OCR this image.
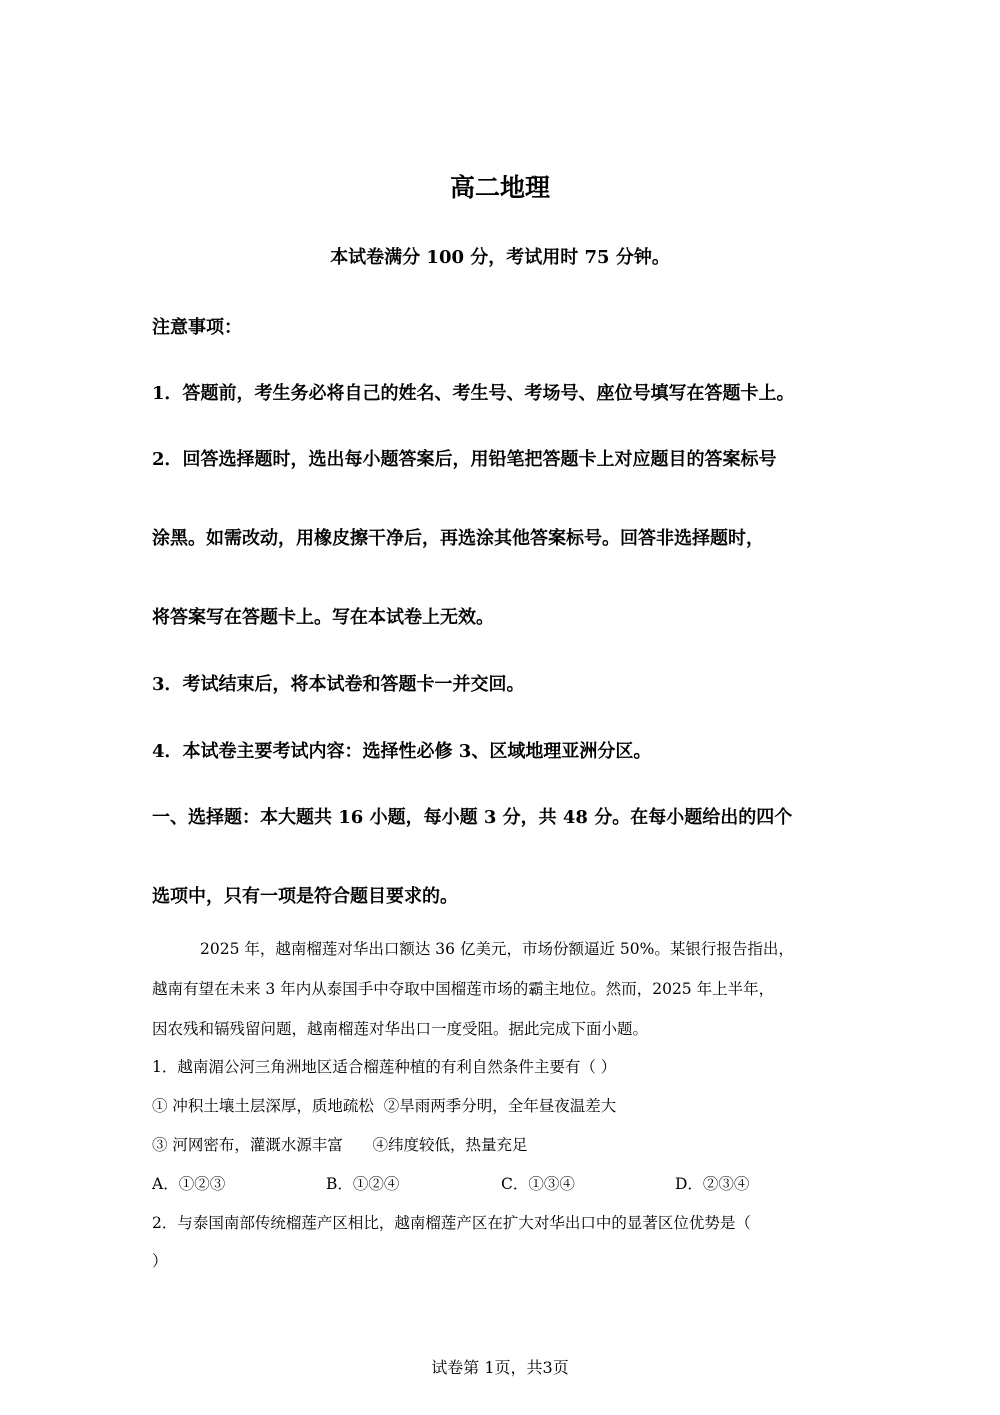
高二地理
本试卷满分 100 分，考试用时 75 分钟。
注意事项：
1．答题前，考生务必将自己的姓名、考生号、考场号、座位号填写在答题卡上。
2．回答选择题时，选出每小题答案后，用铅笔把答题卡上对应题目的答案标号
涂黑。如需改动，用橡皮擦干净后，再选涂其他答案标号。回答非选择题时，
将答案写在答题卡上。写在本试卷上无效。
3．考试结束后，将本试卷和答题卡一并交回。
4．本试卷主要考试内容：选择性必修 3、区域地理亚洲分区。
一、选择题：本大题共 16 小题，每小题 3 分，共 48 分。在每小题给出的四个
选项中，只有一项是符合题目要求的。
2025 年，越南榴莲对华出口额达 36 亿美元，市场份额逼近 50%。某银行报告指出，
越南有望在未来 3 年内从泰国手中夺取中国榴莲市场的霸主地位。然而，2025 年上半年，
因农残和镉残留问题，越南榴莲对华出口一度受阻。据此完成下面小题。
1．越南湄公河三角洲地区适合榴莲种植的有利自然条件主要有（ ）
① 冲积土壤土层深厚，质地疏松  ②旱雨两季分明，全年昼夜温差大
③ 河网密布，灌溉水源丰富      ④纬度较低，热量充足
A．①②③	B．①②④	C．①③④	D．②③④
2．与泰国南部传统榴莲产区相比，越南榴莲产区在扩大对华出口中的显著区位优势是（
）
试卷第 1页，共3页
